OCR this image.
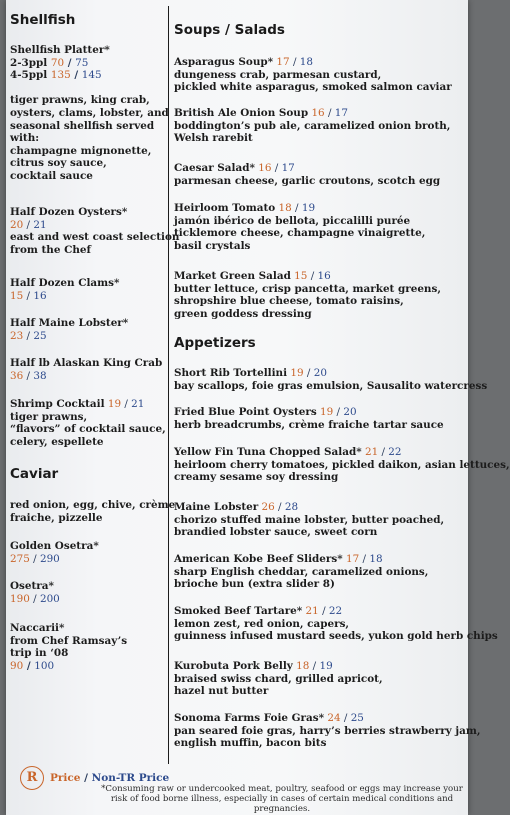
Shellfish
Shellfish Platter*
2-3ppl 70 / 75
4-5ppl 135 / 145

tiger prawns, king crab,
oysters, clams, lobster, and
seasonal shellfish served
with:
champagne mignonette,
citrus soy sauce,
cocktail sauce
Half Dozen Oysters*
20 / 21
east and west coast selection
from the Chef
Half Dozen Clams*
15 / 16
Half Maine Lobster*
23 / 25
Half lb Alaskan King Crab
36 / 38
Shrimp Cocktail 19 / 21
tiger prawns,
“flavors” of cocktail sauce,
celery, espellete
Caviar
red onion, egg, chive, crème
fraiche, pizzelle
Golden Osetra*
275 / 290
Osetra*
190 / 200
Naccarii*
from Chef Ramsay’s
trip in ‘08
90 / 100
Soups / Salads
Asparagus Soup* 17 / 18
dungeness crab, parmesan custard,
pickled white asparagus, smoked salmon caviar
British Ale Onion Soup 16 / 17
boddington’s pub ale, caramelized onion broth,
Welsh rarebit
Caesar Salad* 16 / 17
parmesan cheese, garlic croutons, scotch egg
Heirloom Tomato 18 / 19
jamón ibérico de bellota, piccalilli purée
ticklemore cheese, champagne vinaigrette,
basil crystals
Market Green Salad 15 / 16
butter lettuce, crisp pancetta, market greens,
shropshire blue cheese, tomato raisins,
green goddess dressing
Appetizers
Short Rib Tortellini 19 / 20
bay scallops, foie gras emulsion, Sausalito watercress
Fried Blue Point Oysters 19 / 20
herb breadcrumbs, crème fraiche tartar sauce
Yellow Fin Tuna Chopped Salad* 21 / 22
heirloom cherry tomatoes, pickled daikon, asian lettuces,
creamy sesame soy dressing
Maine Lobster 26 / 28
chorizo stuffed maine lobster, butter poached,
brandied lobster sauce, sweet corn
American Kobe Beef Sliders* 17 / 18
sharp English cheddar, caramelized onions,
brioche bun (extra slider 8)
Smoked Beef Tartare* 21 / 22
lemon zest, red onion, capers,
guinness infused mustard seeds, yukon gold herb chips
Kurobuta Pork Belly 18 / 19
braised swiss chard, grilled apricot,
hazel nut butter
Sonoma Farms Foie Gras* 24 / 25
pan seared foie gras, harry’s berries strawberry jam,
english muffin, bacon bits
R	Price / Non-TR Price
*Consuming raw or undercooked meat, poultry, seafood or eggs may increase your risk of food borne illness, especially in cases of certain medical conditions and pregnancies.
